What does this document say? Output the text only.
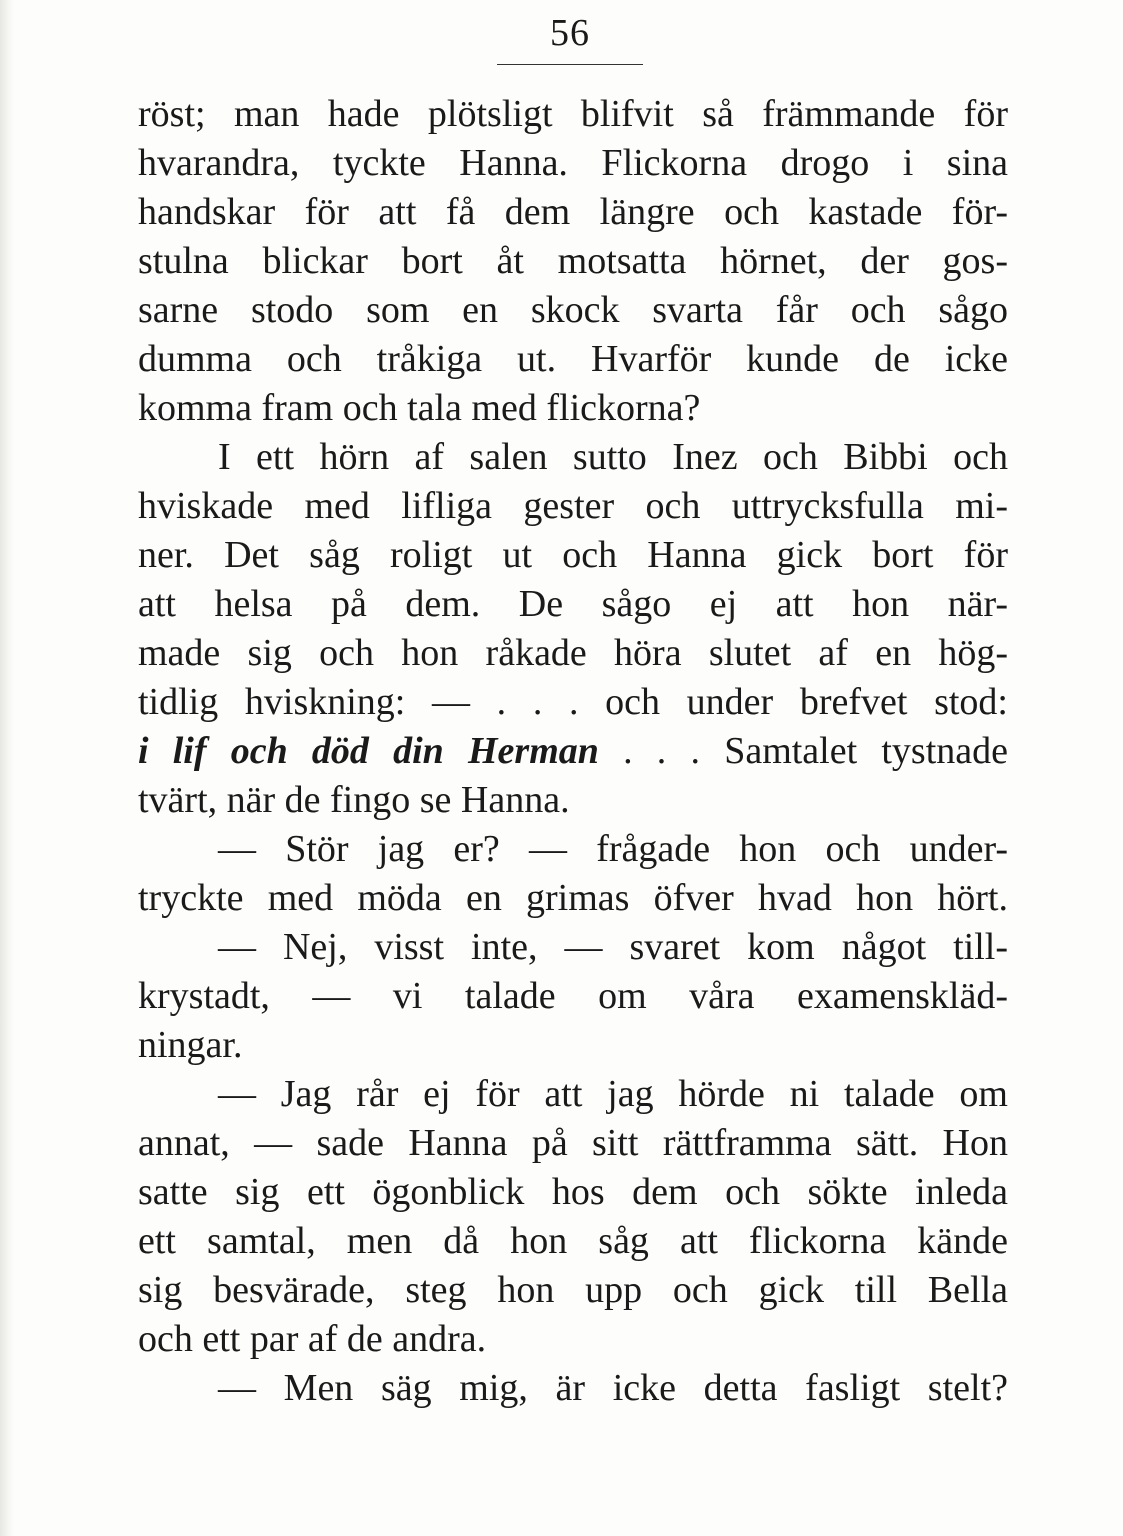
56
röst; man hade plötsligt blifvit så främmande för
hvarandra, tyckte Hanna. Flickorna drogo i sina
handskar för att få dem längre och kastade för-
stulna blickar bort åt motsatta hörnet, der gos-
sarne stodo som en skock svarta får och sågo
dumma och tråkiga ut. Hvarför kunde de icke
komma fram och tala med flickorna?
I ett hörn af salen sutto Inez och Bibbi och
hviskade med lifliga gester och uttrycksfulla mi-
ner. Det såg roligt ut och Hanna gick bort för
att helsa på dem. De sågo ej att hon när-
made sig och hon råkade höra slutet af en hög-
tidlig hviskning: — . . . och under brefvet stod:
i lif och död din Herman . . . Samtalet tystnade
tvärt, när de fingo se Hanna.
— Stör jag er? — frågade hon och under-
tryckte med möda en grimas öfver hvad hon hört.
— Nej, visst inte, — svaret kom något till-
krystadt, — vi talade om våra examenskläd-
ningar.
— Jag rår ej för att jag hörde ni talade om
annat, — sade Hanna på sitt rättframma sätt. Hon
satte sig ett ögonblick hos dem och sökte inleda
ett samtal, men då hon såg att flickorna kände
sig besvärade, steg hon upp och gick till Bella
och ett par af de andra.
— Men säg mig, är icke detta fasligt stelt?
